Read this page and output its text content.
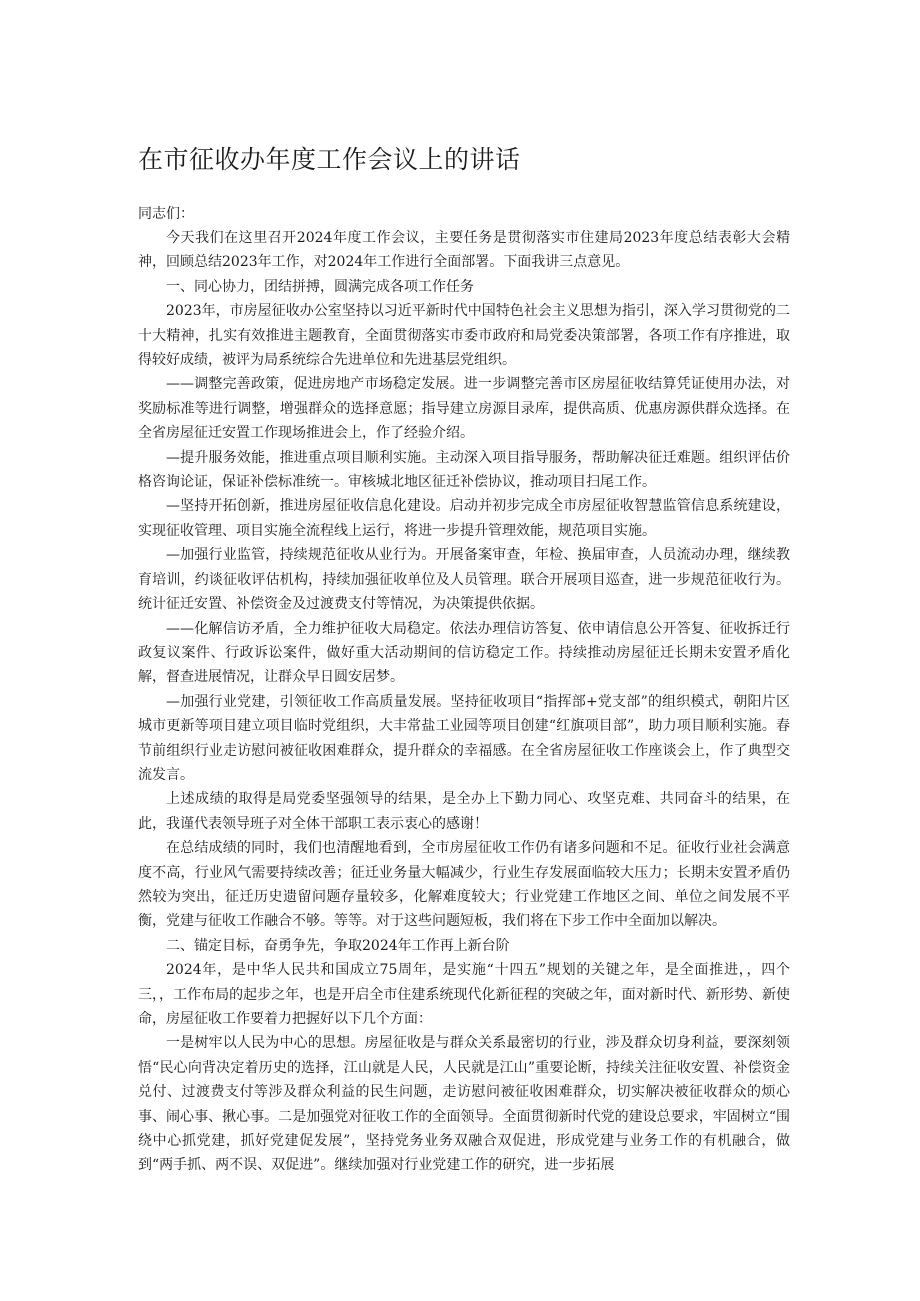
在市征收办年度工作会议上的讲话

同志们：

今天我们在这里召开2024年度工作会议，主要任务是贯彻落实市住建局2023年度总结表彰大会精神，回顾总结2023年工作，对2024年工作进行全面部署。下面我讲三点意见。

一、同心协力，团结拼搏，圆满完成各项工作任务

2023年，市房屋征收办公室坚持以习近平新时代中国特色社会主义思想为指引，深入学习贯彻党的二十大精神，扎实有效推进主题教育，全面贯彻落实市委市政府和局党委决策部署，各项工作有序推进，取得较好成绩，被评为局系统综合先进单位和先进基层党组织。

——调整完善政策，促进房地产市场稳定发展。进一步调整完善市区房屋征收结算凭证使用办法，对奖励标准等进行调整，增强群众的选择意愿；指导建立房源目录库，提供高质、优惠房源供群众选择。在全省房屋征迁安置工作现场推进会上，作了经验介绍。

—提升服务效能，推进重点项目顺利实施。主动深入项目指导服务，帮助解决征迁难题。组织评估价格咨询论证，保证补偿标准统一。审核城北地区征迁补偿协议，推动项目扫尾工作。

—坚持开拓创新，推进房屋征收信息化建设。启动并初步完成全市房屋征收智慧监管信息系统建设，实现征收管理、项目实施全流程线上运行，将进一步提升管理效能，规范项目实施。

—加强行业监管，持续规范征收从业行为。开展备案审查，年检、换届审查，人员流动办理，继续教育培训，约谈征收评估机构，持续加强征收单位及人员管理。联合开展项目巡查，进一步规范征收行为。统计征迁安置、补偿资金及过渡费支付等情况，为决策提供依据。

——化解信访矛盾，全力维护征收大局稳定。依法办理信访答复、依申请信息公开答复、征收拆迁行政复议案件、行政诉讼案件，做好重大活动期间的信访稳定工作。持续推动房屋征迁长期未安置矛盾化解，督查进展情况，让群众早日圆安居梦。

—加强行业党建，引领征收工作高质量发展。坚持征收项目“指挥部+党支部”的组织模式，朝阳片区城市更新等项目建立项目临时党组织，大丰常盐工业园等项目创建“红旗项目部”，助力项目顺利实施。春节前组织行业走访慰问被征收困难群众，提升群众的幸福感。在全省房屋征收工作座谈会上，作了典型交流发言。

上述成绩的取得是局党委坚强领导的结果，是全办上下勤力同心、攻坚克难、共同奋斗的结果，在此，我谨代表领导班子对全体干部职工表示衷心的感谢！

在总结成绩的同时，我们也清醒地看到，全市房屋征收工作仍有诸多问题和不足。征收行业社会满意度不高，行业风气需要持续改善；征迁业务量大幅减少，行业生存发展面临较大压力；长期未安置矛盾仍然较为突出，征迁历史遗留问题存量较多，化解难度较大；行业党建工作地区之间、单位之间发展不平衡，党建与征收工作融合不够。等等。对于这些问题短板，我们将在下步工作中全面加以解决。

二、锚定目标，奋勇争先，争取2024年工作再上新台阶

2024年，是中华人民共和国成立75周年，是实施“十四五”规划的关键之年，是全面推进，，四个三，，工作布局的起步之年，也是开启全市住建系统现代化新征程的突破之年，面对新时代、新形势、新使命，房屋征收工作要着力把握好以下几个方面：

一是树牢以人民为中心的思想。房屋征收是与群众关系最密切的行业，涉及群众切身利益，要深刻领悟“民心向背决定着历史的选择，江山就是人民，人民就是江山”重要论断，持续关注征收安置、补偿资金兑付、过渡费支付等涉及群众利益的民生问题，走访慰问被征收困难群众，切实解决被征收群众的烦心事、闹心事、揪心事。二是加强党对征收工作的全面领导。全面贯彻新时代党的建设总要求，牢固树立“围绕中心抓党建，抓好党建促发展”，坚持党务业务双融合双促进，形成党建与业务工作的有机融合，做到“两手抓、两不误、双促进”。继续加强对行业党建工作的研究，进一步拓展
